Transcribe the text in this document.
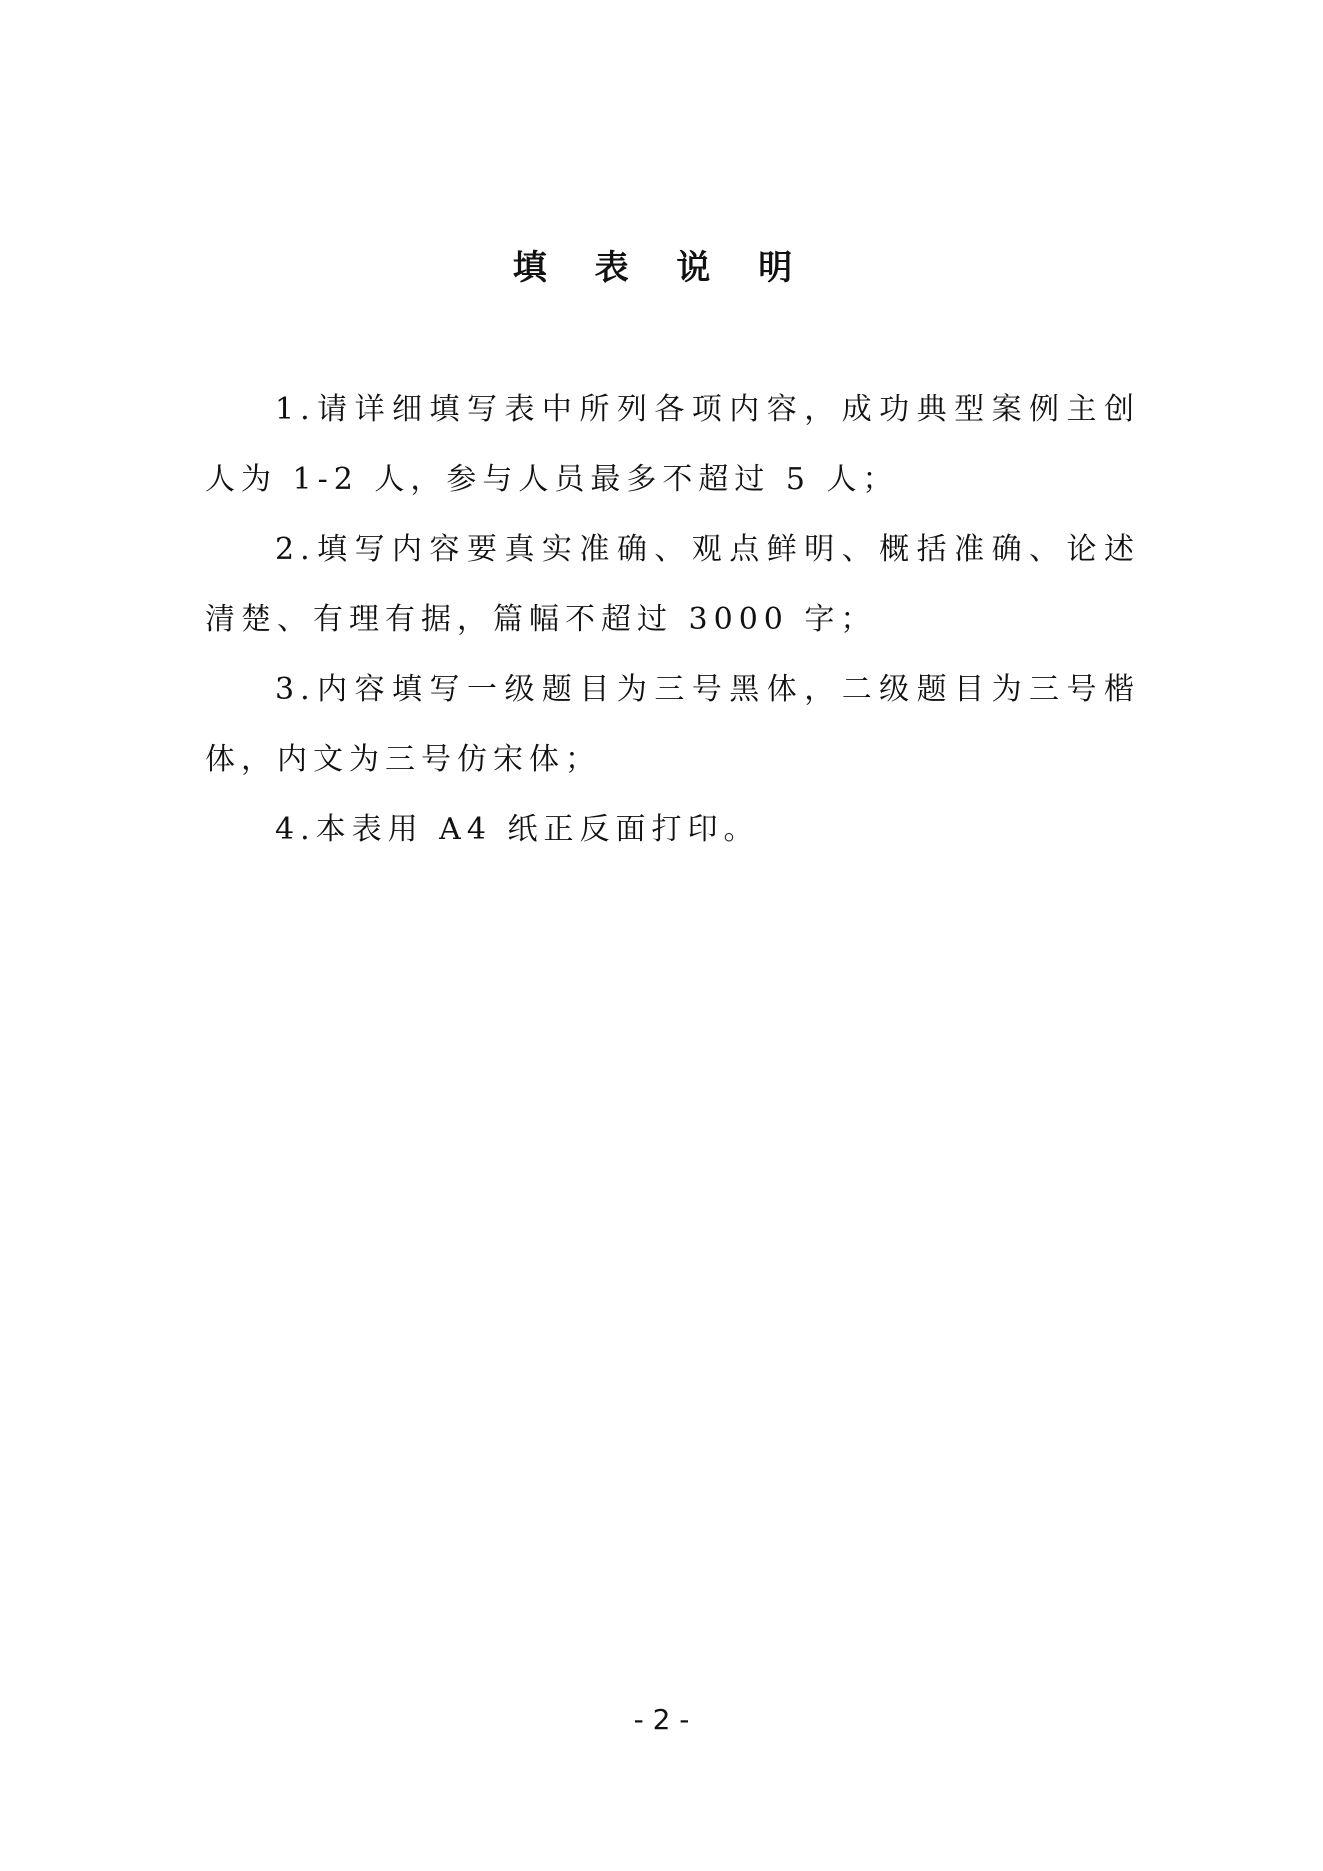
填 表 说 明

1.请详细填写表中所列各项内容，成功典型案例主创人为 1-2 人，参与人员最多不超过 5 人；

2.填写内容要真实准确、观点鲜明、概括准确、论述清楚、有理有据，篇幅不超过 3000 字；

3.内容填写一级题目为三号黑体，二级题目为三号楷体，内文为三号仿宋体；

4.本表用 A4 纸正反面打印。

- 2 -
